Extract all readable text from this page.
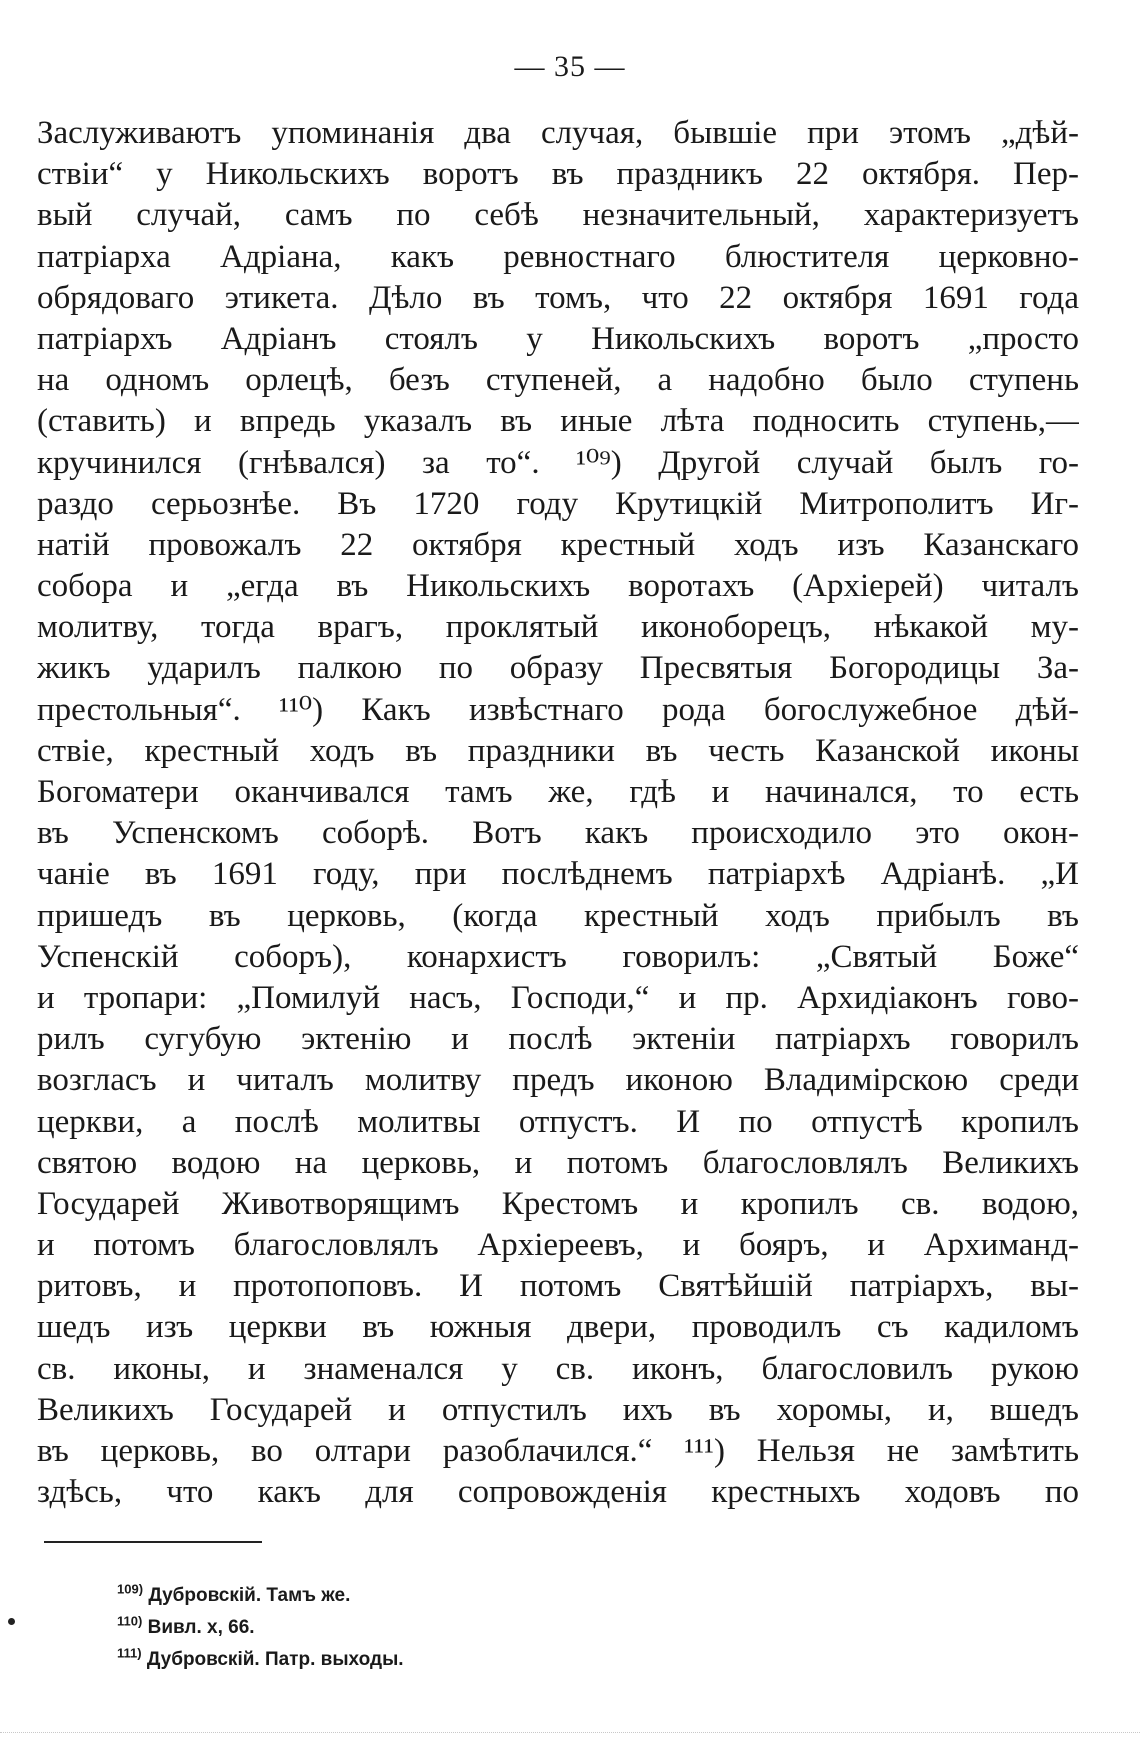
— 35 —
Заслуживаютъ упоминанія два случая, бывшіе при этомъ „дѣй-
ствіи“ у Никольскихъ воротъ въ праздникъ 22 октября. Пер-
вый случай, самъ по себѣ незначительный, характеризуетъ
патріарха Адріана, какъ ревностнаго блюстителя церковно-
обрядоваго этикета. Дѣло въ томъ, что 22 октября 1691 года
патріархъ Адріанъ стоялъ у Никольскихъ воротъ „просто
на одномъ орлецѣ, безъ ступеней, а надобно было ступень
(ставить) и впредь указалъ въ иные лѣта подносить ступень,—
кручинился (гнѣвался) за то“. ¹⁰⁹) Другой случай былъ го-
раздо серьознѣе. Въ 1720 году Крутицкій Митрополитъ Иг-
натій провожалъ 22 октября крестный ходъ изъ Казанскаго
собора и „егда въ Никольскихъ воротахъ (Архіерей) читалъ
молитву, тогда врагъ, проклятый иконоборецъ, нѣкакой му-
жикъ ударилъ палкою по образу Пресвятыя Богородицы За-
престольныя“. ¹¹⁰) Какъ извѣстнаго рода богослужебное дѣй-
ствіе, крестный ходъ въ праздники въ честь Казанской иконы
Богоматери оканчивался тамъ же, гдѣ и начинался, то есть
въ Успенскомъ соборѣ. Вотъ какъ происходило это окон-
чаніе въ 1691 году, при послѣднемъ патріархѣ Адріанѣ. „И
пришедъ въ церковь, (когда крестный ходъ прибылъ въ
Успенскій соборъ), конархистъ говорилъ: „Святый Боже“
и тропари: „Помилуй насъ, Господи,“ и пр. Архидіаконъ гово-
рилъ сугубую эктенію и послѣ эктеніи патріархъ говорилъ
возгласъ и читалъ молитву предъ иконою Владимірскою среди
церкви, а послѣ молитвы отпустъ. И по отпустѣ кропилъ
святою водою на церковь, и потомъ благословлялъ Великихъ
Государей Животворящимъ Крестомъ и кропилъ св. водою,
и потомъ благословлялъ Архіереевъ, и бояръ, и Архиманд-
ритовъ, и протопоповъ. И потомъ Святѣйшій патріархъ, вы-
шедъ изъ церкви въ южныя двери, проводилъ съ кадиломъ
св. иконы, и знаменался у св. иконъ, благословилъ рукою
Великихъ Государей и отпустилъ ихъ въ хоромы, и, вшедъ
въ церковь, во олтари разоблачился.“ ¹¹¹) Нельзя не замѣтить
здѣсь, что какъ для сопровожденія крестныхъ ходовъ по
$^{109)}$ Дубровскій. Тамъ же.
$^{110)}$ Вивл. x, 66.
$^{111)}$ Дубровскій. Патр. выходы.
